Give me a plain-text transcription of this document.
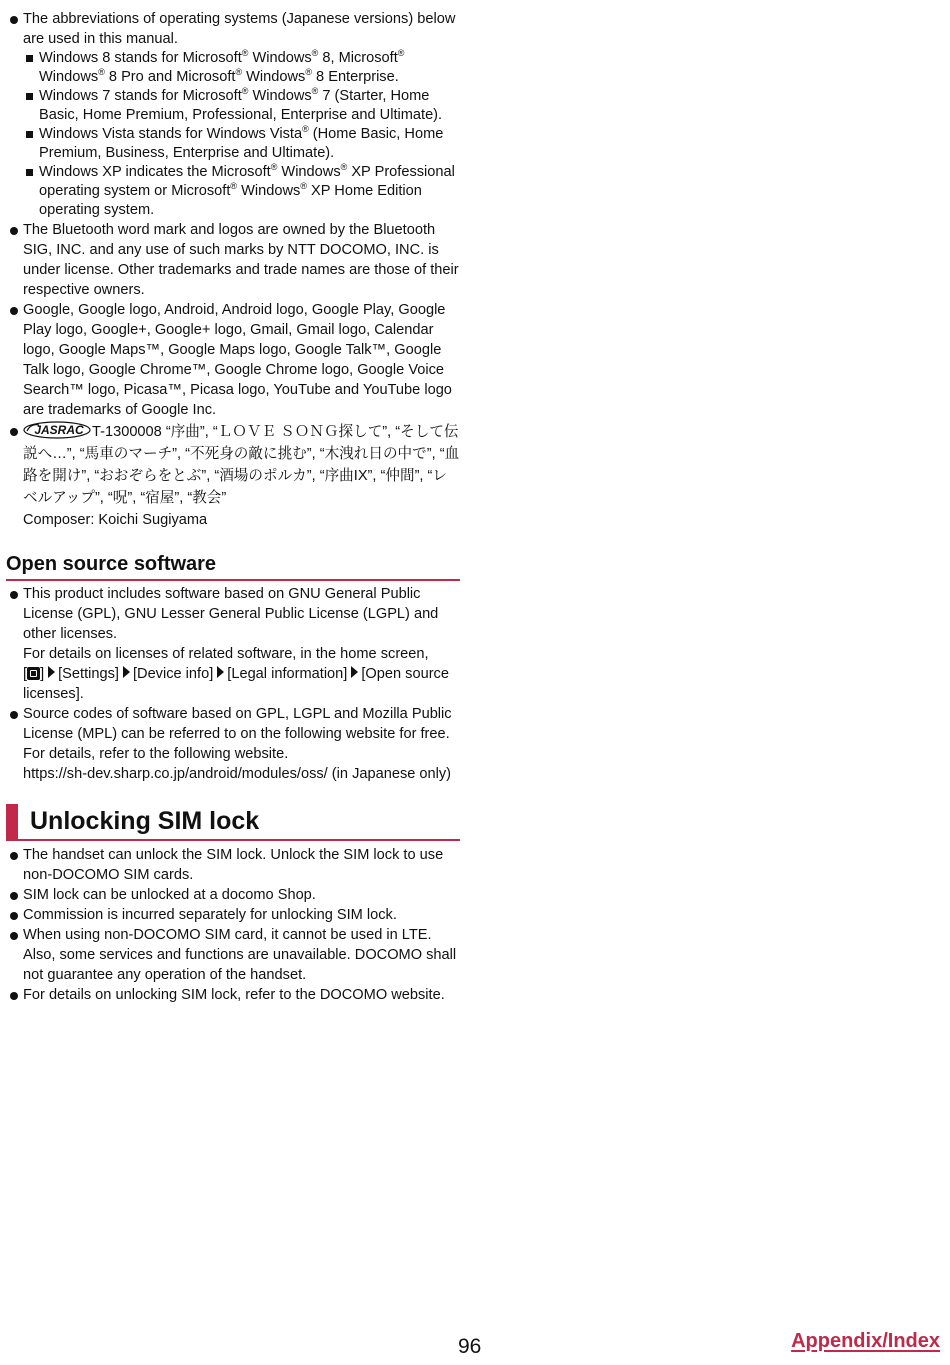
The abbreviations of operating systems (Japanese versions) below are used in this manual.
Windows 8 stands for Microsoft® Windows® 8, Microsoft® Windows® 8 Pro and Microsoft® Windows® 8 Enterprise.
Windows 7 stands for Microsoft® Windows® 7 (Starter, Home Basic, Home Premium, Professional, Enterprise and Ultimate).
Windows Vista stands for Windows Vista® (Home Basic, Home Premium, Business, Enterprise and Ultimate).
Windows XP indicates the Microsoft® Windows® XP Professional operating system or Microsoft® Windows® XP Home Edition operating system.
The Bluetooth word mark and logos are owned by the Bluetooth SIG, INC. and any use of such marks by NTT DOCOMO, INC. is under license. Other trademarks and trade names are those of their respective owners.
Google, Google logo, Android, Android logo, Google Play, Google Play logo, Google+, Google+ logo, Gmail, Gmail logo, Calendar logo, Google Maps™, Google Maps logo, Google Talk™, Google Talk logo, Google Chrome™, Google Chrome logo, Google Voice Search™ logo, Picasa™, Picasa logo, YouTube and YouTube logo are trademarks of Google Inc.
JASRAC T-1300008 “序曲”, “ＬＯＶＥ ＳＯＮＧ探して”, “そして伝説へ…”, “馬車のマーチ”, “不死身の敵に挑む”, “木洩れ日の中で”, “血路を開け”, “おおぞらをとぶ”, “酒場のポルカ”, “序曲IX”, “仲間”, “レベルアップ”, “呪”, “宿屋”, “教会”
Composer: Koichi Sugiyama
Open source software
This product includes software based on GNU General Public License (GPL), GNU Lesser General Public License (LGPL) and other licenses.
For details on licenses of related software, in the home screen,
[ ] [Settings] [Device info] [Legal information] [Open source licenses].
Source codes of software based on GPL, LGPL and Mozilla Public License (MPL) can be referred to on the following website for free. For details, refer to the following website.
https://sh-dev.sharp.co.jp/android/modules/oss/ (in Japanese only)
Unlocking SIM lock
The handset can unlock the SIM lock. Unlock the SIM lock to use non-DOCOMO SIM cards.
SIM lock can be unlocked at a docomo Shop.
Commission is incurred separately for unlocking SIM lock.
When using non-DOCOMO SIM card, it cannot be used in LTE. Also, some services and functions are unavailable. DOCOMO shall not guarantee any operation of the handset.
For details on unlocking SIM lock, refer to the DOCOMO website.
96	Appendix/Index
